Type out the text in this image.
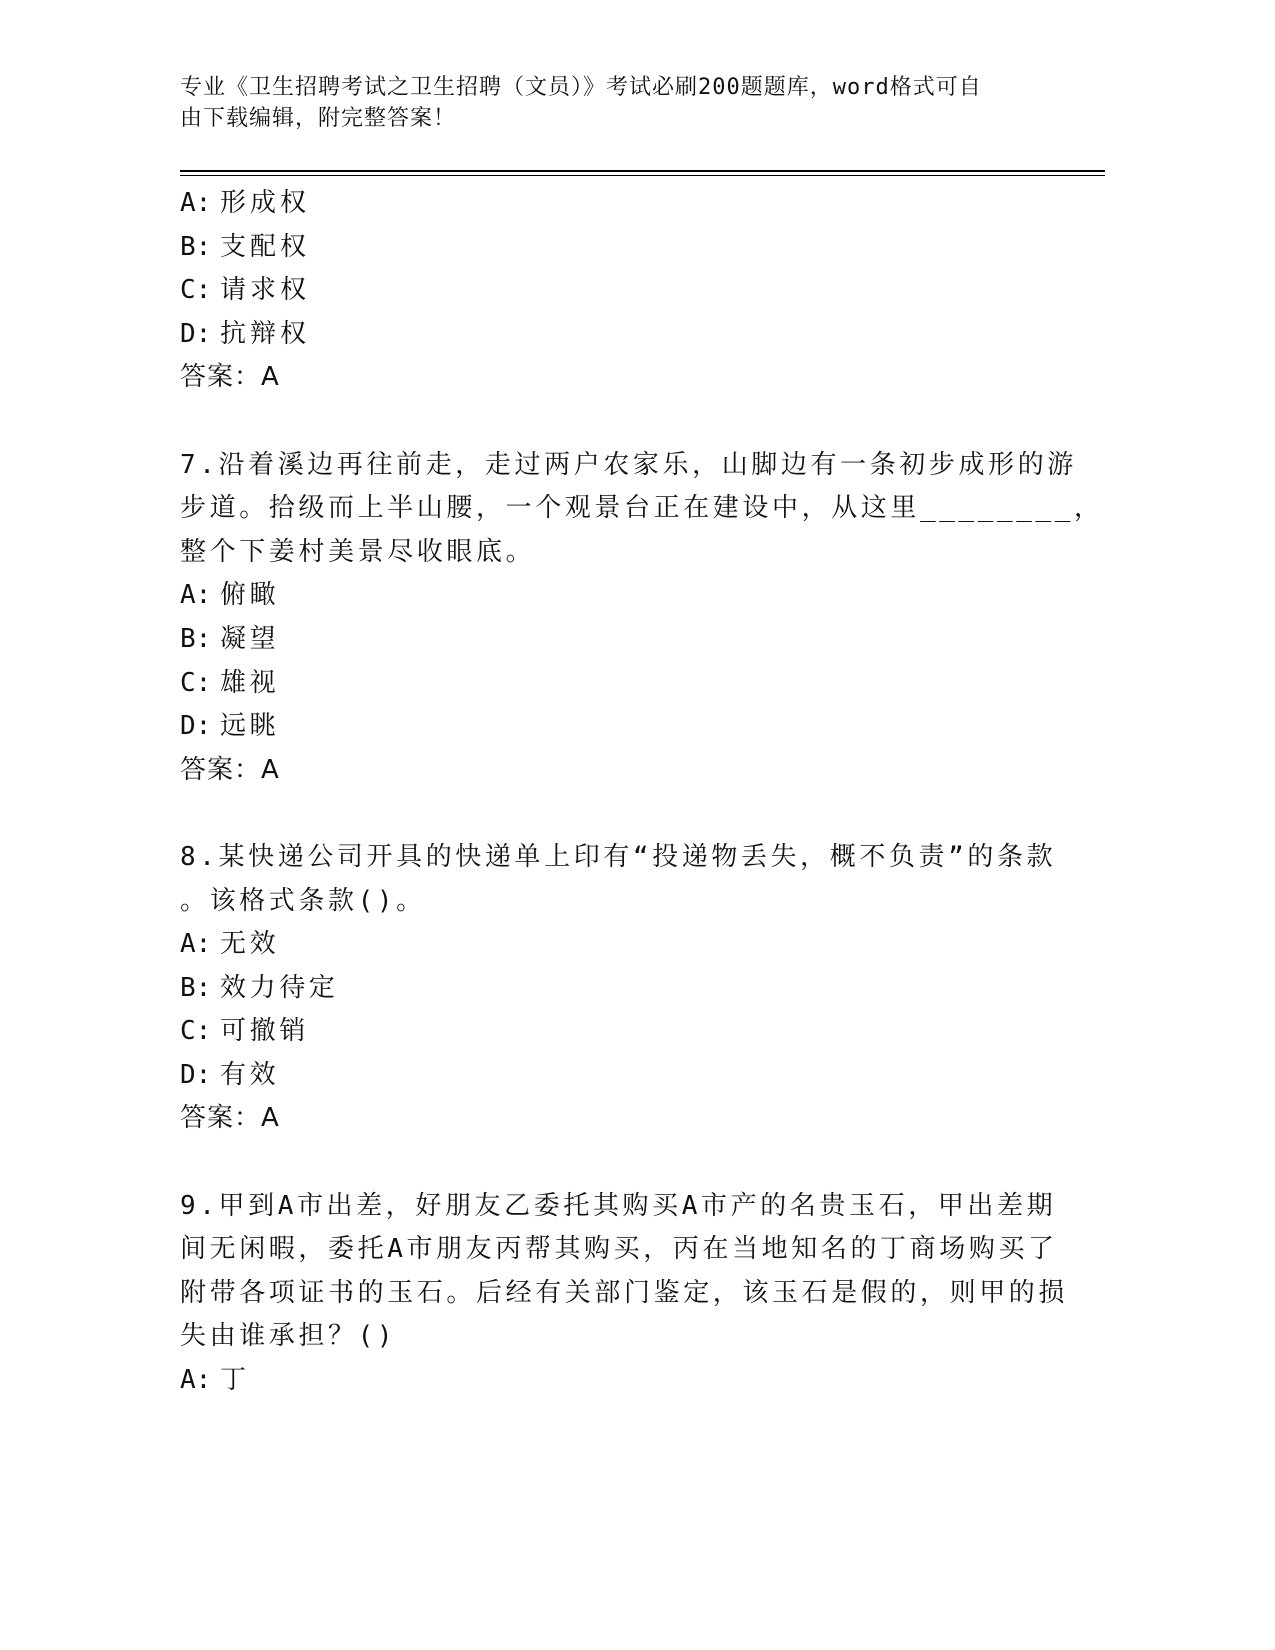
专业《卫生招聘考试之卫生招聘（文员）》考试必刷200题题库，word格式可自
由下载编辑，附完整答案！
A: 形成权
B: 支配权
C: 请求权
D: 抗辩权
答案：A
7.沿着溪边再往前走，走过两户农家乐，山脚边有一条初步成形的游
步道。拾级而上半山腰，一个观景台正在建设中，从这里________，
整个下姜村美景尽收眼底。
A: 俯瞰
B: 凝望
C: 雄视
D: 远眺
答案：A
8.某快递公司开具的快递单上印有“投递物丢失，概不负责”的条款
。该格式条款()。
A: 无效
B: 效力待定
C: 可撤销
D: 有效
答案：A
9.甲到A市出差，好朋友乙委托其购买A市产的名贵玉石，甲出差期
间无闲暇，委托A市朋友丙帮其购买，丙在当地知名的丁商场购买了
附带各项证书的玉石。后经有关部门鉴定，该玉石是假的，则甲的损
失由谁承担？()
A: 丁
